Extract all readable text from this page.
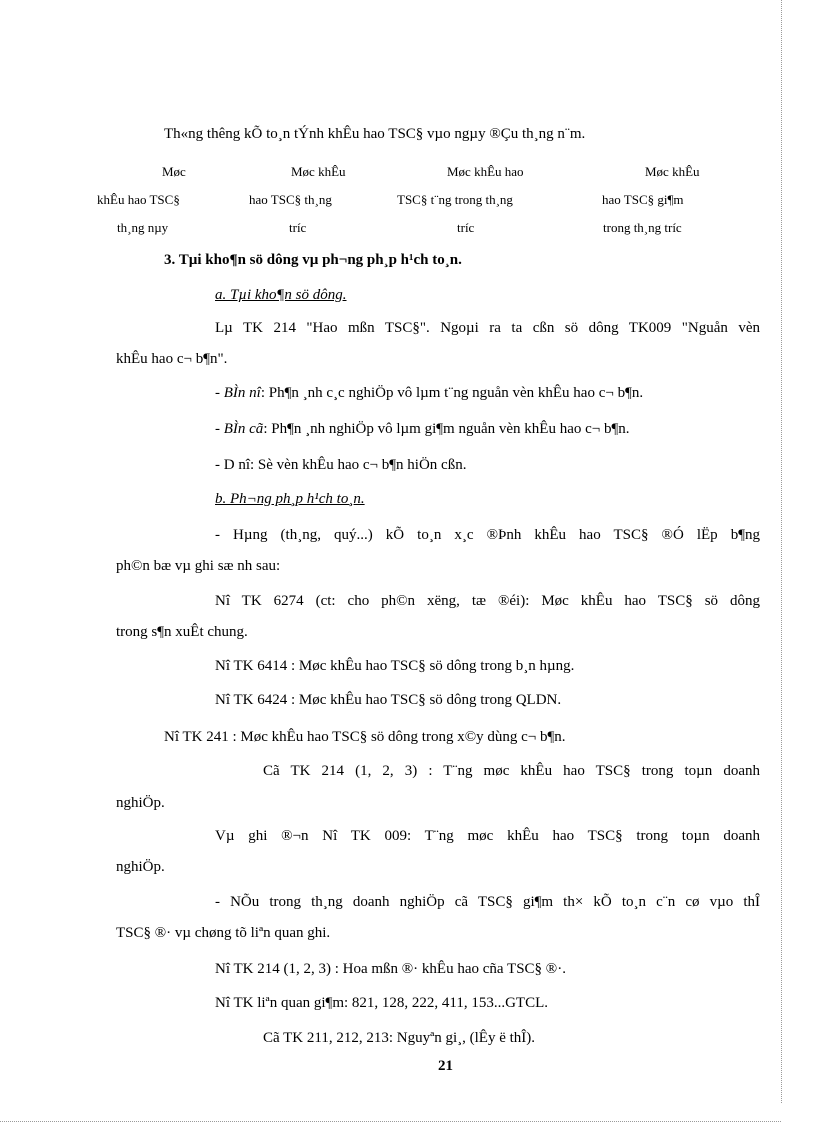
Th«ng thêng kÕ to¸n tÝnh khÊu hao TSC§ vµo ngµy ®Çu th¸ng n¨m.
Møc
khÊu hao TSC§
th¸ng nµy
Møc khÊu
hao TSC§ th¸ng
tríc
Møc khÊu hao
TSC§ t¨ng trong th¸ng
tríc
Møc khÊu
hao TSC§ gi¶m
trong th¸ng tríc
3. Tµi kho¶n sö dông vµ ph¬ng ph¸p h¹ch to¸n.
a. Tµi kho¶n sö dông.
Lµ TK 214 "Hao mßn TSC§". Ngoµi ra ta cßn sö dông TK009 "Nguån vèn
khÊu hao c¬ b¶n".
- BÌn nî: Ph¶n ¸nh c¸c nghiÖp vô lµm t¨ng nguån vèn khÊu hao c¬ b¶n.
- BÌn cã: Ph¶n ¸nh nghiÖp vô lµm gi¶m nguån vèn khÊu hao c¬ b¶n.
- D nî: Sè vèn khÊu hao c¬ b¶n hiÖn cßn.
b. Ph¬ng ph¸p h¹ch to¸n.
- Hµng (th¸ng, quý...) kÕ to¸n x¸c ®Þnh khÊu hao TSC§ ®Ó lËp b¶ng
ph©n bæ vµ ghi sæ nh sau:
Nî TK 6274 (ct: cho ph©n xëng, tæ ®éi): Møc khÊu hao TSC§ sö dông
trong s¶n xuÊt chung.
Nî TK 6414 : Møc khÊu hao TSC§ sö dông trong b¸n hµng.
Nî TK 6424 : Møc khÊu hao TSC§ sö dông trong QLDN.
Nî TK 241 : Møc khÊu hao TSC§ sö dông trong x©y dùng c¬ b¶n.
Cã TK 214 (1, 2, 3) : T¨ng møc khÊu hao TSC§ trong toµn doanh
nghiÖp.
Vµ ghi ®¬n Nî TK 009: T¨ng møc khÊu hao TSC§ trong toµn doanh
nghiÖp.
- NÕu trong th¸ng doanh nghiÖp cã TSC§ gi¶m th× kÕ to¸n c¨n cø vµo thÎ
TSC§ ®· vµ chøng tõ liªn quan ghi.
Nî TK 214 (1, 2, 3) : Hoa mßn ®· khÊu hao cña TSC§ ®·.
Nî TK liªn quan gi¶m: 821, 128, 222, 411, 153...GTCL.
Cã TK 211, 212, 213: Nguyªn gi¸, (lÊy ë thÎ).
21
